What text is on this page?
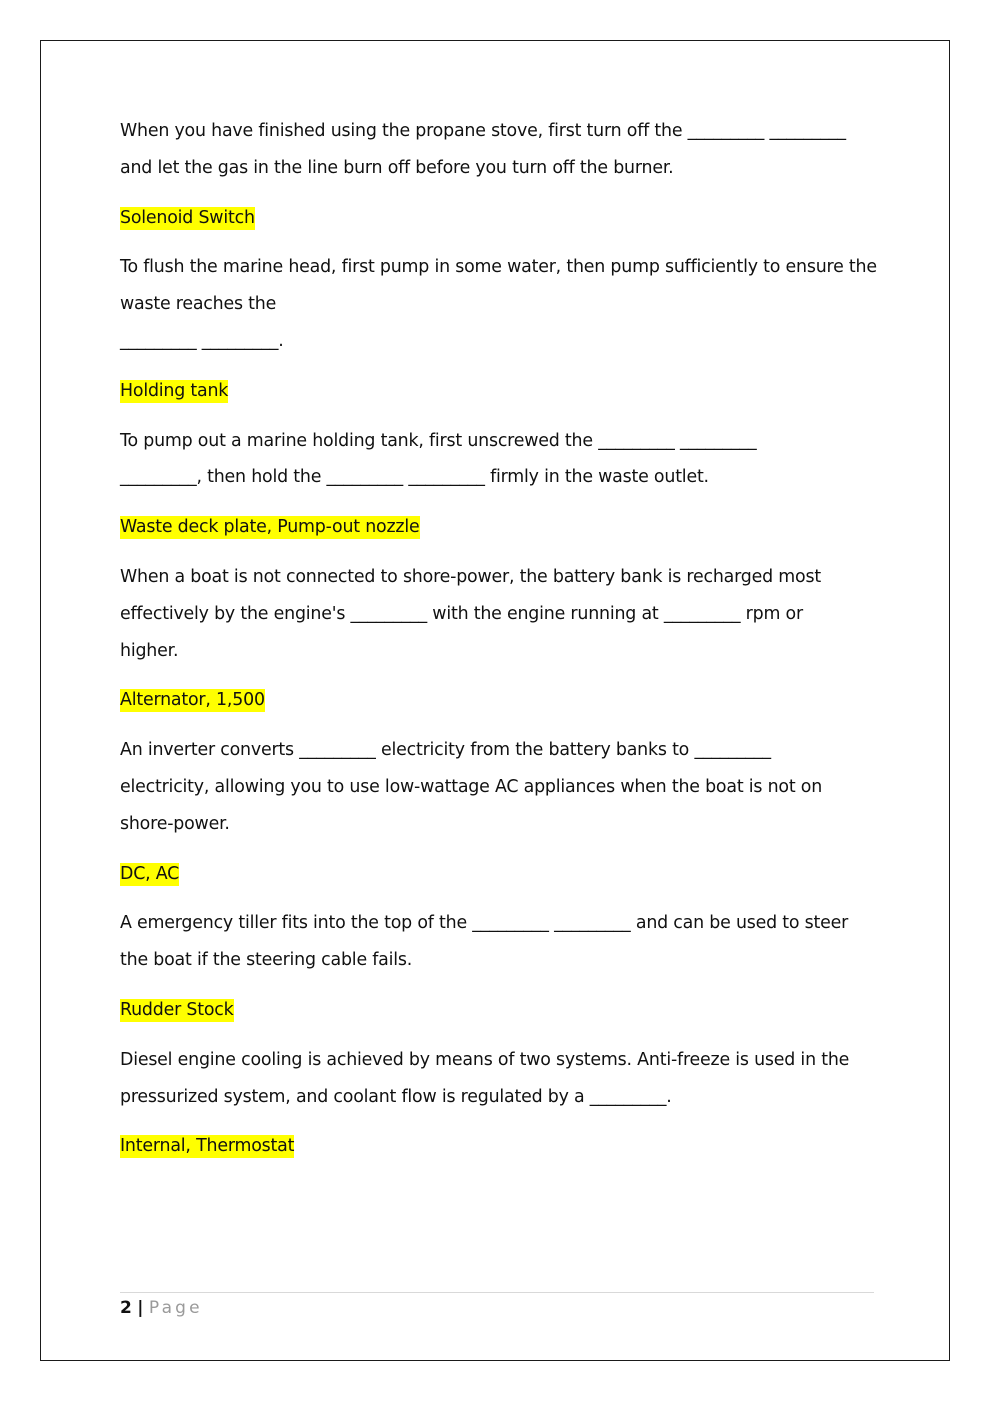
When you have finished using the propane stove, first turn off the _________ _________
and let the gas in the line burn off before you turn off the burner.

Solenoid Switch

To flush the marine head, first pump in some water, then pump sufficiently to ensure the
waste reaches the
_________ _________.

Holding tank

To pump out a marine holding tank, first unscrewed the _________ _________
_________, then hold the _________ _________ firmly in the waste outlet.

Waste deck plate, Pump-out nozzle

When a boat is not connected to shore-power, the battery bank is recharged most
effectively by the engine's _________ with the engine running at _________ rpm or
higher.

Alternator, 1,500

An inverter converts _________ electricity from the battery banks to _________
electricity, allowing you to use low-wattage AC appliances when the boat is not on
shore-power.

DC, AC

A emergency tiller fits into the top of the _________ _________ and can be used to steer
the boat if the steering cable fails.

Rudder Stock

Diesel engine cooling is achieved by means of two systems. Anti-freeze is used in the
pressurized system, and coolant flow is regulated by a _________.

Internal, Thermostat

2 | Page
